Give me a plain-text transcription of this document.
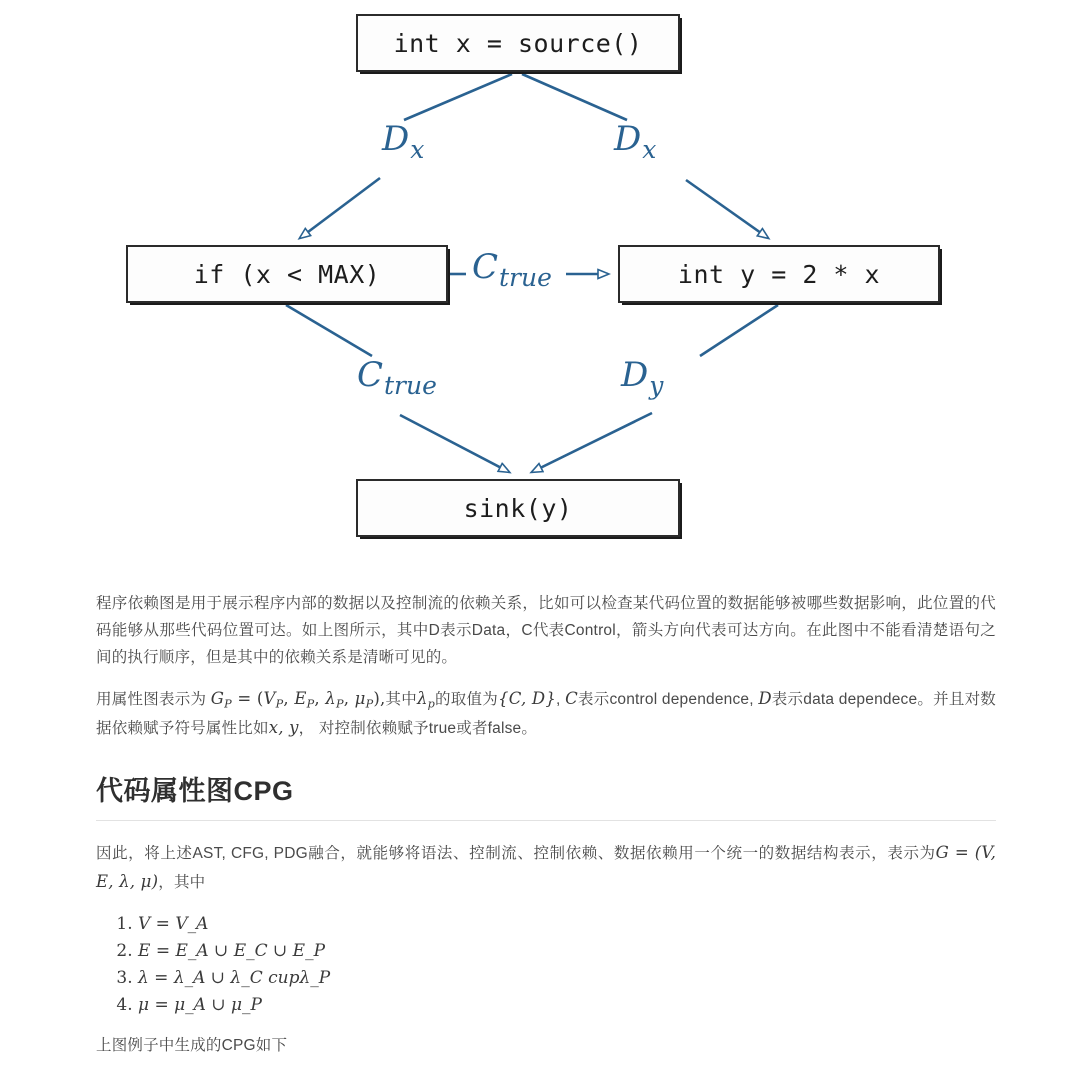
int x = source()
if (x < MAX)	int y = 2 * x
sink(y)
Dx	Dx
Ctrue
Ctrue	Dy

程序依赖图是用于展示程序内部的数据以及控制流的依赖关系，比如可以检查某代码位置的数据能够被哪些数据影响，此位置的代码能够从那些代码位置可达。如上图所示，其中D表示Data，C代表Control，箭头方向代表可达方向。在此图中不能看清楚语句之间的执行顺序，但是其中的依赖关系是清晰可见的。

用属性图表示为 $G_P = (V_P$, $E_P$, $\lambda_P$, $\mu_P$),其中$\lambda_p$的取值为{C, D}, C表示control dependence, D表示data dependece。并且对数据依赖赋予符号属性比如x, y， 对控制依赖赋予true或者false。

代码属性图CPG

因此，将上述AST, CFG, PDG融合，就能够将语法、控制流、控制依赖、数据依赖用一个统一的数据结构表示，表示为G = (V, E, λ, μ)，其中

1. V = V_A
2. E = E_A ∪ E_C ∪ E_P
3. λ = λ_A ∪ λ_C cupλ_P
4. μ = μ_A ∪ μ_P

上图例子中生成的CPG如下
